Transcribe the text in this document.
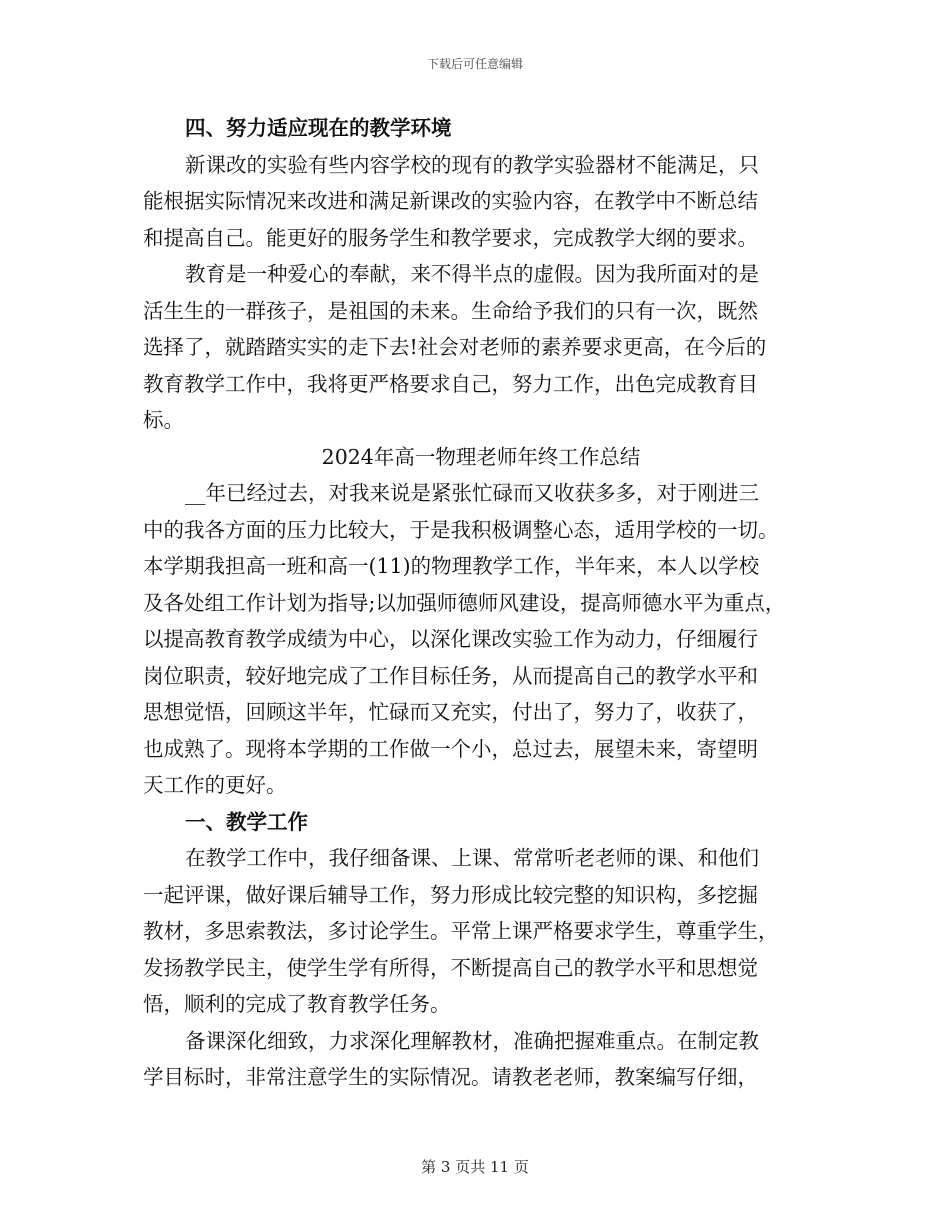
下载后可任意编辑
四、努力适应现在的教学环境
新课改的实验有些内容学校的现有的教学实验器材不能满足，只
能根据实际情况来改进和满足新课改的实验内容，在教学中不断总结
和提高自己。能更好的服务学生和教学要求，完成教学大纲的要求。
教育是一种爱心的奉献，来不得半点的虚假。因为我所面对的是
活生生的一群孩子，是祖国的未来。生命给予我们的只有一次，既然
选择了，就踏踏实实的走下去!社会对老师的素养要求更高，在今后的
教育教学工作中，我将更严格要求自己，努力工作，出色完成教育目
标。
2024年高一物理老师年终工作总结
__年已经过去，对我来说是紧张忙碌而又收获多多，对于刚进三
中的我各方面的压力比较大，于是我积极调整心态，适用学校的一切。
本学期我担高一班和高一(11)的物理教学工作，半年来，本人以学校
及各处组工作计划为指导;以加强师德师风建设，提高师德水平为重点，
以提高教育教学成绩为中心，以深化课改实验工作为动力，仔细履行
岗位职责，较好地完成了工作目标任务，从而提高自己的教学水平和
思想觉悟，回顾这半年，忙碌而又充实，付出了，努力了，收获了，
也成熟了。现将本学期的工作做一个小，总过去，展望未来，寄望明
天工作的更好。
一、教学工作
在教学工作中，我仔细备课、上课、常常听老老师的课、和他们
一起评课，做好课后辅导工作，努力形成比较完整的知识构，多挖掘
教材，多思索教法，多讨论学生。平常上课严格要求学生，尊重学生，
发扬教学民主，使学生学有所得，不断提高自己的教学水平和思想觉
悟，顺利的完成了教育教学任务。
备课深化细致，力求深化理解教材，准确把握难重点。在制定教
学目标时，非常注意学生的实际情况。请教老老师，教案编写仔细，
第 3 页共 11 页
